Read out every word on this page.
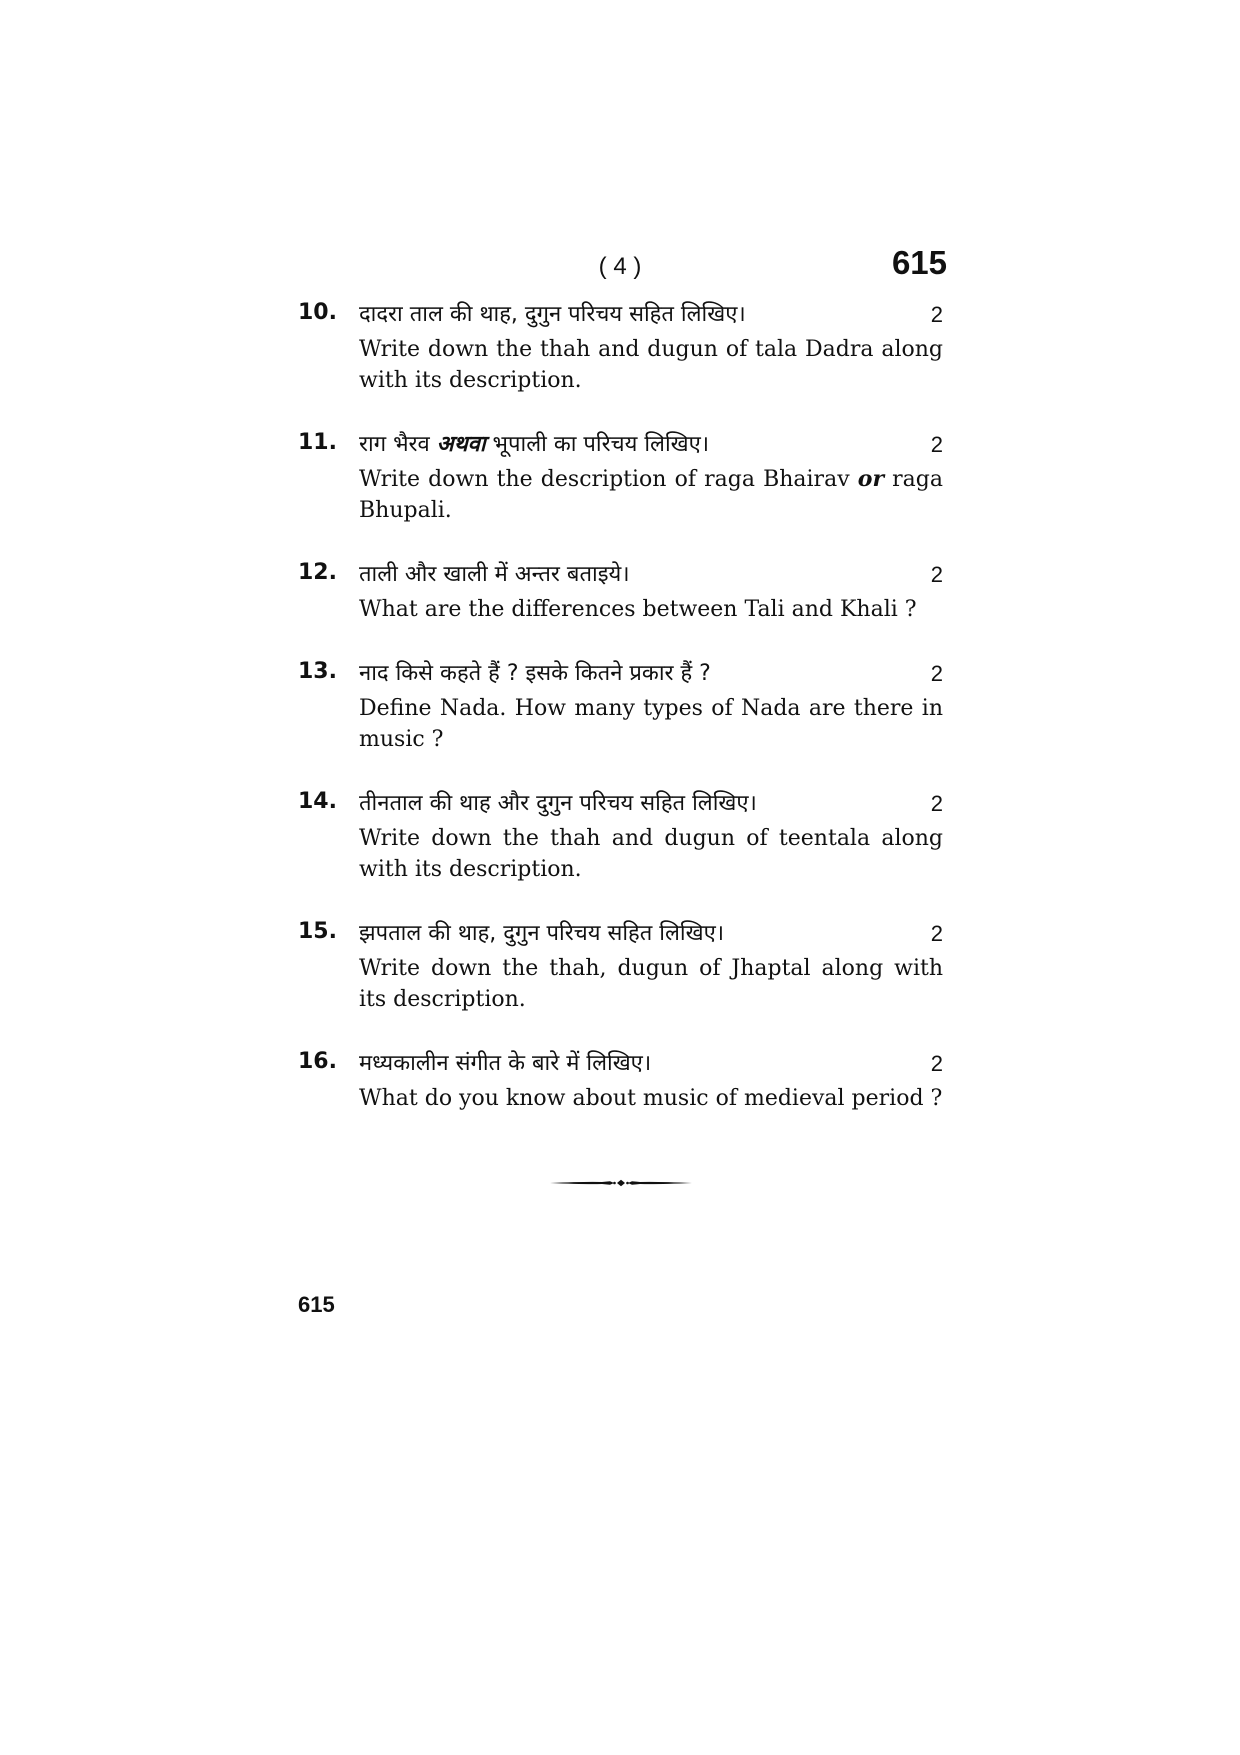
( 4 )	615
10.	दादरा ताल की थाह, दुगुन परिचय सहित लिखिए।	2
Write down the thah and dugun of tala Dadra along with its description.
11.	राग भैरव अथवा भूपाली का परिचय लिखिए।	2
Write down the description of raga Bhairav or raga Bhupali.
12.	ताली और खाली में अन्तर बताइये।	2
What are the differences between Tali and Khali ?
13.	नाद किसे कहते हैं ? इसके कितने प्रकार हैं ?	2
Define Nada. How many types of Nada are there in music ?
14.	तीनताल की थाह और दुगुन परिचय सहित लिखिए।	2
Write down the thah and dugun of teentala along with its description.
15.	झपताल की थाह, दुगुन परिचय सहित लिखिए।	2
Write down the thah, dugun of Jhaptal along with its description.
16.	मध्यकालीन संगीत के बारे में लिखिए।	2
What do you know about music of medieval period ?
615
